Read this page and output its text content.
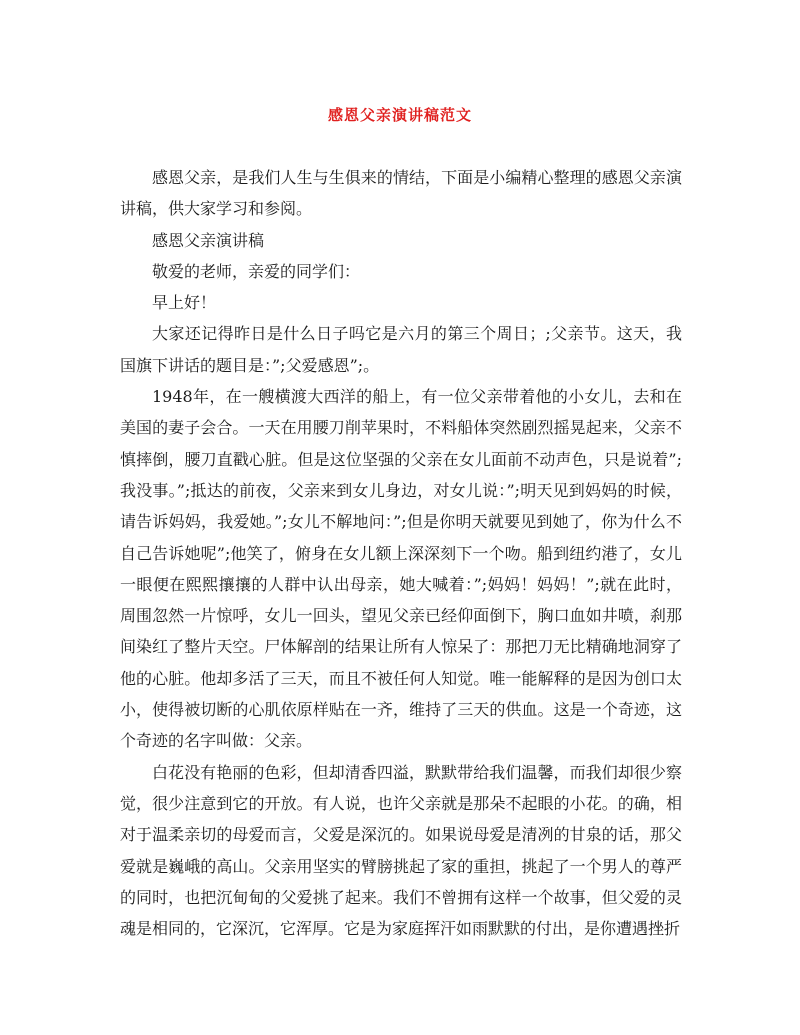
感恩父亲演讲稿范文

感恩父亲，是我们人生与生俱来的情结，下面是小编精心整理的感恩父亲演讲稿，供大家学习和参阅。

感恩父亲演讲稿

敬爱的老师，亲爱的同学们：

早上好！

大家还记得昨日是什么日子吗它是六月的第三个周日；;父亲节。这天，我国旗下讲话的题目是：”;父爱感恩”;。

1948年，在一艘横渡大西洋的船上，有一位父亲带着他的小女儿，去和在美国的妻子会合。一天在用腰刀削苹果时，不料船体突然剧烈摇晃起来，父亲不慎摔倒，腰刀直戳心脏。但是这位坚强的父亲在女儿面前不动声色，只是说着”;我没事。”;抵达的前夜，父亲来到女儿身边，对女儿说：”;明天见到妈妈的时候，请告诉妈妈，我爱她。”;女儿不解地问：”;但是你明天就要见到她了，你为什么不自己告诉她呢”;他笑了，俯身在女儿额上深深刻下一个吻。船到纽约港了，女儿一眼便在熙熙攘攘的人群中认出母亲，她大喊着：”;妈妈！妈妈！”;就在此时，周围忽然一片惊呼，女儿一回头，望见父亲已经仰面倒下，胸口血如井喷，刹那间染红了整片天空。尸体解剖的结果让所有人惊呆了：那把刀无比精确地洞穿了他的心脏。他却多活了三天，而且不被任何人知觉。唯一能解释的是因为创口太小，使得被切断的心肌依原样贴在一齐，维持了三天的供血。这是一个奇迹，这个奇迹的名字叫做：父亲。

白花没有艳丽的色彩，但却清香四溢，默默带给我们温馨，而我们却很少察觉，很少注意到它的开放。有人说，也许父亲就是那朵不起眼的小花。的确，相对于温柔亲切的母爱而言，父爱是深沉的。如果说母爱是清冽的甘泉的话，那父爱就是巍峨的高山。父亲用坚实的臂膀挑起了家的重担，挑起了一个男人的尊严的同时，也把沉甸甸的父爱挑了起来。我们不曾拥有这样一个故事，但父爱的灵魂是相同的，它深沉，它浑厚。它是为家庭挥汗如雨默默的付出，是你遭遇挫折
